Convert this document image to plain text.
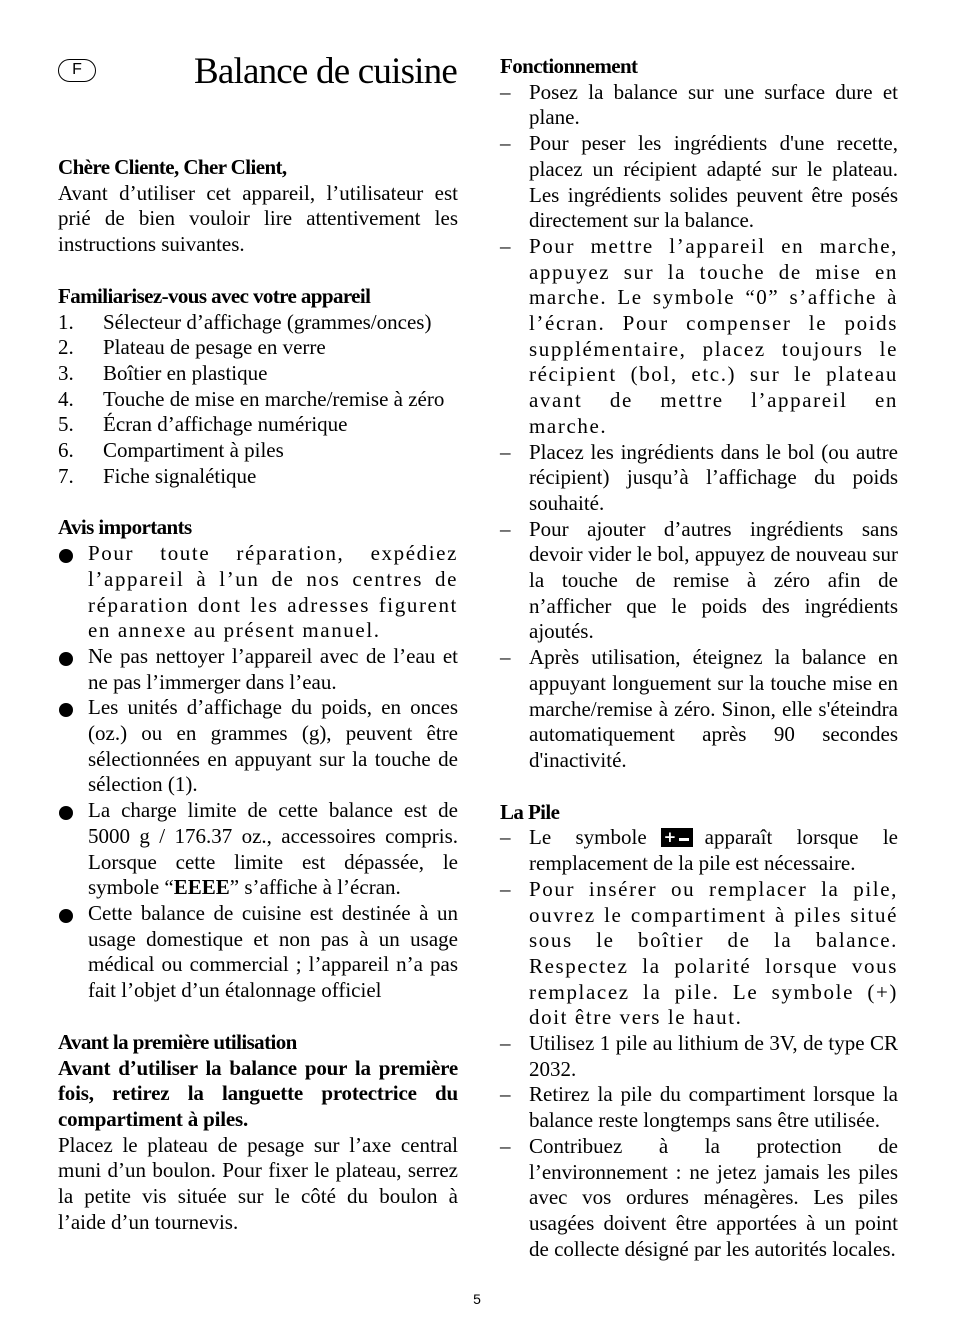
F	Balance de cuisine
Chère Cliente, Cher Client,
Avant d’utiliser cet appareil, l’utilisateur est prié de bien vouloir lire attentivement les instructions suivantes.
Familiarisez-vous avec votre appareil
1. Sélecteur d’affichage (grammes/onces)
2. Plateau de pesage en verre
3. Boîtier en plastique
4. Touche de mise en marche/remise à zéro
5. Écran d’affichage numérique
6. Compartiment à piles
7. Fiche signalétique
Avis importants
Pour toute réparation, expédiez l’appareil à l’un de nos centres de réparation dont les adresses figurent en annexe au présent manuel.
Ne pas nettoyer l’appareil avec de l’eau et ne pas l’immerger dans l’eau.
Les unités d’affichage du poids, en onces (oz.) ou en grammes (g), peuvent être sélectionnées en appuyant sur la touche de sélection (1).
La charge limite de cette balance est de 5000 g / 176.37 oz., accessoires compris. Lorsque cette limite est dépassée, le symbole “EEEE” s’affiche à l’écran.
Cette balance de cuisine est destinée à un usage domestique et non pas à un usage médical ou commercial ; l’appareil n’a pas fait l’objet d’un étalonnage officiel
Avant la première utilisation
Avant d’utiliser la balance pour la première fois, retirez la languette protectrice du compartiment à piles.
Placez le plateau de pesage sur l’axe central muni d’un boulon. Pour fixer le plateau, serrez la petite vis située sur le côté du boulon à l’aide d’un tournevis.
Fonctionnement
– Posez la balance sur une surface dure et plane.
– Pour peser les ingrédients d'une recette, placez un récipient adapté sur le plateau. Les ingrédients solides peuvent être posés directement sur la balance.
– Pour mettre l’appareil en marche, appuyez sur la touche de mise en marche. Le symbole “0” s’affiche à l’écran. Pour compenser le poids supplémentaire, placez toujours le récipient (bol, etc.) sur le plateau avant de mettre l’appareil en marche.
– Placez les ingrédients dans le bol (ou autre récipient) jusqu’à l’affichage du poids souhaité.
– Pour ajouter d’autres ingrédients sans devoir vider le bol, appuyez de nouveau sur la touche de remise à zéro afin de n’afficher que le poids des ingrédients ajoutés.
– Après utilisation, éteignez la balance en appuyant longuement sur la touche mise en marche/remise à zéro. Sinon, elle s'éteindra automatiquement après 90 secondes d'inactivité.
La Pile
– Le symbole+	apparaît lorsque le remplacement de la pile est nécessaire.
– Pour insérer ou remplacer la pile, ouvrez le compartiment à piles situé sous le boîtier de la balance. Respectez la polarité lorsque vous remplacez la pile. Le symbole (+) doit être vers le haut.
– Utilisez 1 pile au lithium de 3V, de type CR 2032.
– Retirez la pile du compartiment lorsque la balance reste longtemps sans être utilisée.
– Contribuez à la protection de l’environnement : ne jetez jamais les piles avec vos ordures ménagères. Les piles usagées doivent être apportées à un point de collecte désigné par les autorités locales.
5
